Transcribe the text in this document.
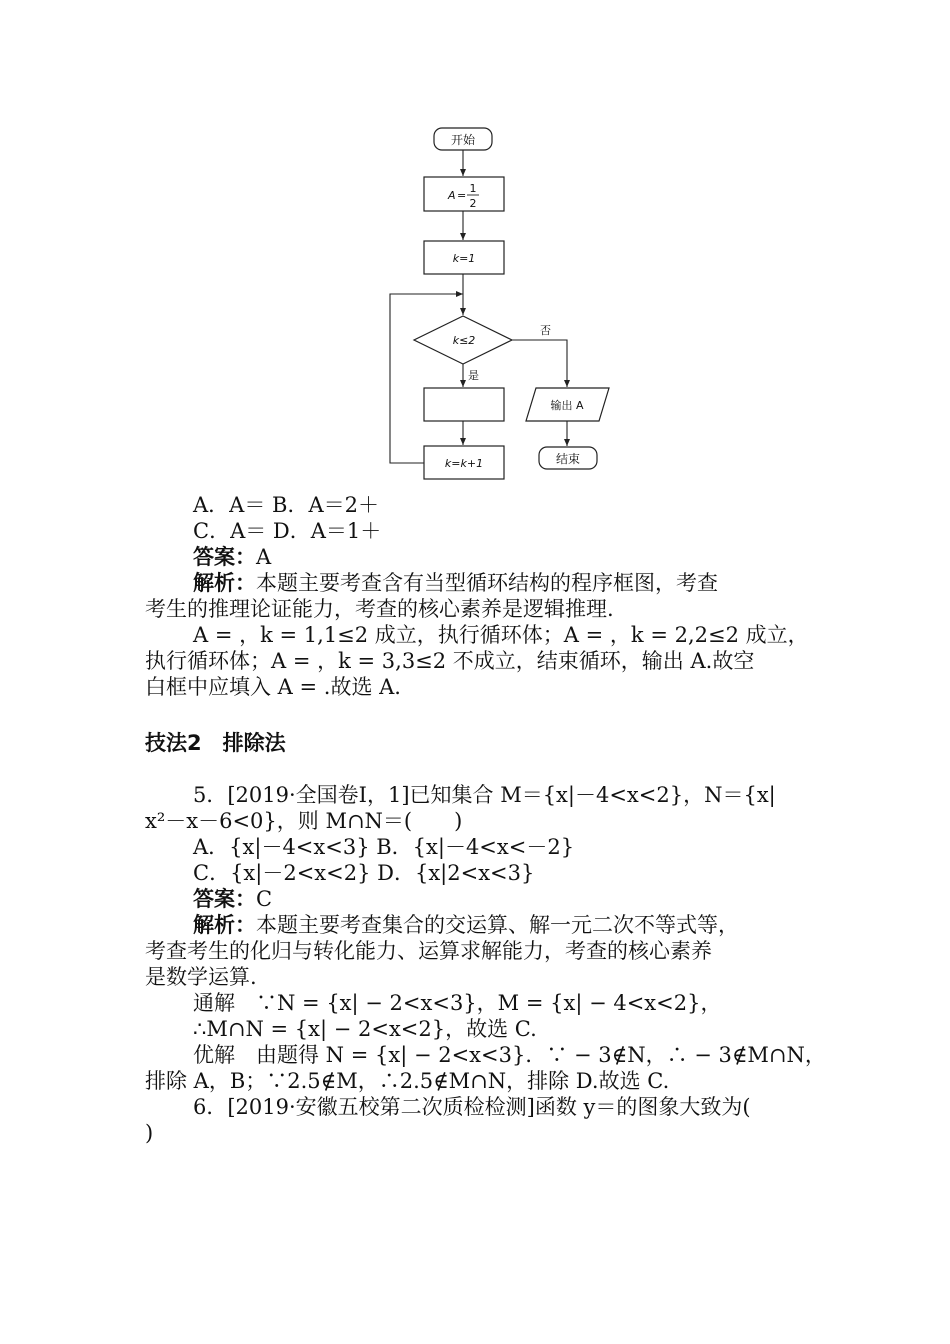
开始
A =
1
2
k=1
k≤2
是
k=k+1
否
输出 A
结束
A．A＝ B．A＝2＋
C．A＝ D．A＝1＋
答案：A
解析：本题主要考查含有当型循环结构的程序框图，考查
考生的推理论证能力，考查的核心素养是逻辑推理.
A = ，k = 1,1≤2 成立，执行循环体；A = ，k = 2,2≤2 成立，
执行循环体；A = ，k = 3,3≤2 不成立，结束循环，输出 A.故空
白框中应填入 A = .故选 A.
技法2　排除法
5．[2019·全国卷Ⅰ，1]已知集合 M＝{x|－4<x<2}，N＝{x|
x²－x－6<0}，则 M∩N＝(　　)
A．{x|－4<x<3} B．{x|－4<x<－2}
C．{x|－2<x<2} D．{x|2<x<3}
答案：C
解析：本题主要考查集合的交运算、解一元二次不等式等，
考查考生的化归与转化能力、运算求解能力，考查的核心素养
是数学运算.
通解　∵N = {x| − 2<x<3}，M = {x| − 4<x<2}，
∴M∩N = {x| − 2<x<2}，故选 C.
优解　由题得 N = {x| − 2<x<3}．∵ − 3∉N，∴ − 3∉M∩N，
排除 A，B；∵2.5∉M，∴2.5∉M∩N，排除 D.故选 C.
6．[2019·安徽五校第二次质检检测]函数 y＝的图象大致为(
)
